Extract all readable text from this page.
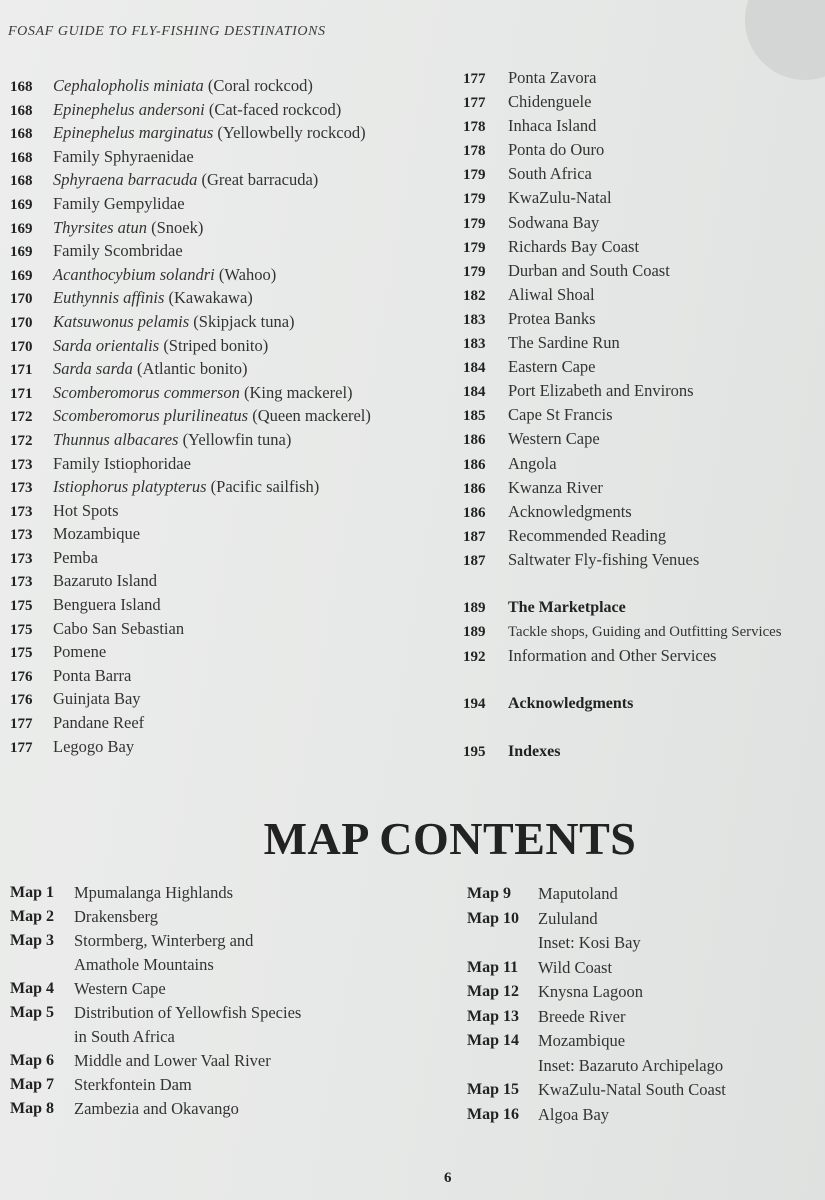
FOSAF GUIDE TO FLY-FISHING DESTINATIONS
168	Cephalopholis miniata (Coral rockcod)
168	Epinephelus andersoni (Cat-faced rockcod)
168	Epinephelus marginatus (Yellowbelly rockcod)
168	Family Sphyraenidae
168	Sphyraena barracuda (Great barracuda)
169	Family Gempylidae
169	Thyrsites atun (Snoek)
169	Family Scombridae
169	Acanthocybium solandri (Wahoo)
170	Euthynnis affinis (Kawakawa)
170	Katsuwonus pelamis (Skipjack tuna)
170	Sarda orientalis (Striped bonito)
171	Sarda sarda (Atlantic bonito)
171	Scomberomorus commerson (King mackerel)
172	Scomberomorus plurilineatus (Queen mackerel)
172	Thunnus albacares (Yellowfin tuna)
173	Family Istiophoridae
173	Istiophorus platypterus (Pacific sailfish)
173	Hot Spots
173	Mozambique
173	Pemba
173	Bazaruto Island
175	Benguera Island
175	Cabo San Sebastian
175	Pomene
176	Ponta Barra
176	Guinjata Bay
177	Pandane Reef
177	Legogo Bay
177	Ponta Zavora
177	Chidenguele
178	Inhaca Island
178	Ponta do Ouro
179	South Africa
179	KwaZulu-Natal
179	Sodwana Bay
179	Richards Bay Coast
179	Durban and South Coast
182	Aliwal Shoal
183	Protea Banks
183	The Sardine Run
184	Eastern Cape
184	Port Elizabeth and Environs
185	Cape St Francis
186	Western Cape
186	Angola
186	Kwanza River
186	Acknowledgments
187	Recommended Reading
187	Saltwater Fly-fishing Venues
189	The Marketplace
189	Tackle shops, Guiding and Outfitting Services
192	Information and Other Services
194	Acknowledgments
195	Indexes
MAP CONTENTS
Map 1	Mpumalanga Highlands
Map 2	Drakensberg
Map 3	Stormberg, Winterberg and
Amathole Mountains
Map 4	Western Cape
Map 5	Distribution of Yellowfish Species
in South Africa
Map 6	Middle and Lower Vaal River
Map 7	Sterkfontein Dam
Map 8	Zambezia and Okavango
Map 9	Maputoland
Map 10	Zululand
Inset: Kosi Bay
Map 11	Wild Coast
Map 12	Knysna Lagoon
Map 13	Breede River
Map 14	Mozambique
Inset: Bazaruto Archipelago
Map 15	KwaZulu-Natal South Coast
Map 16	Algoa Bay

6
